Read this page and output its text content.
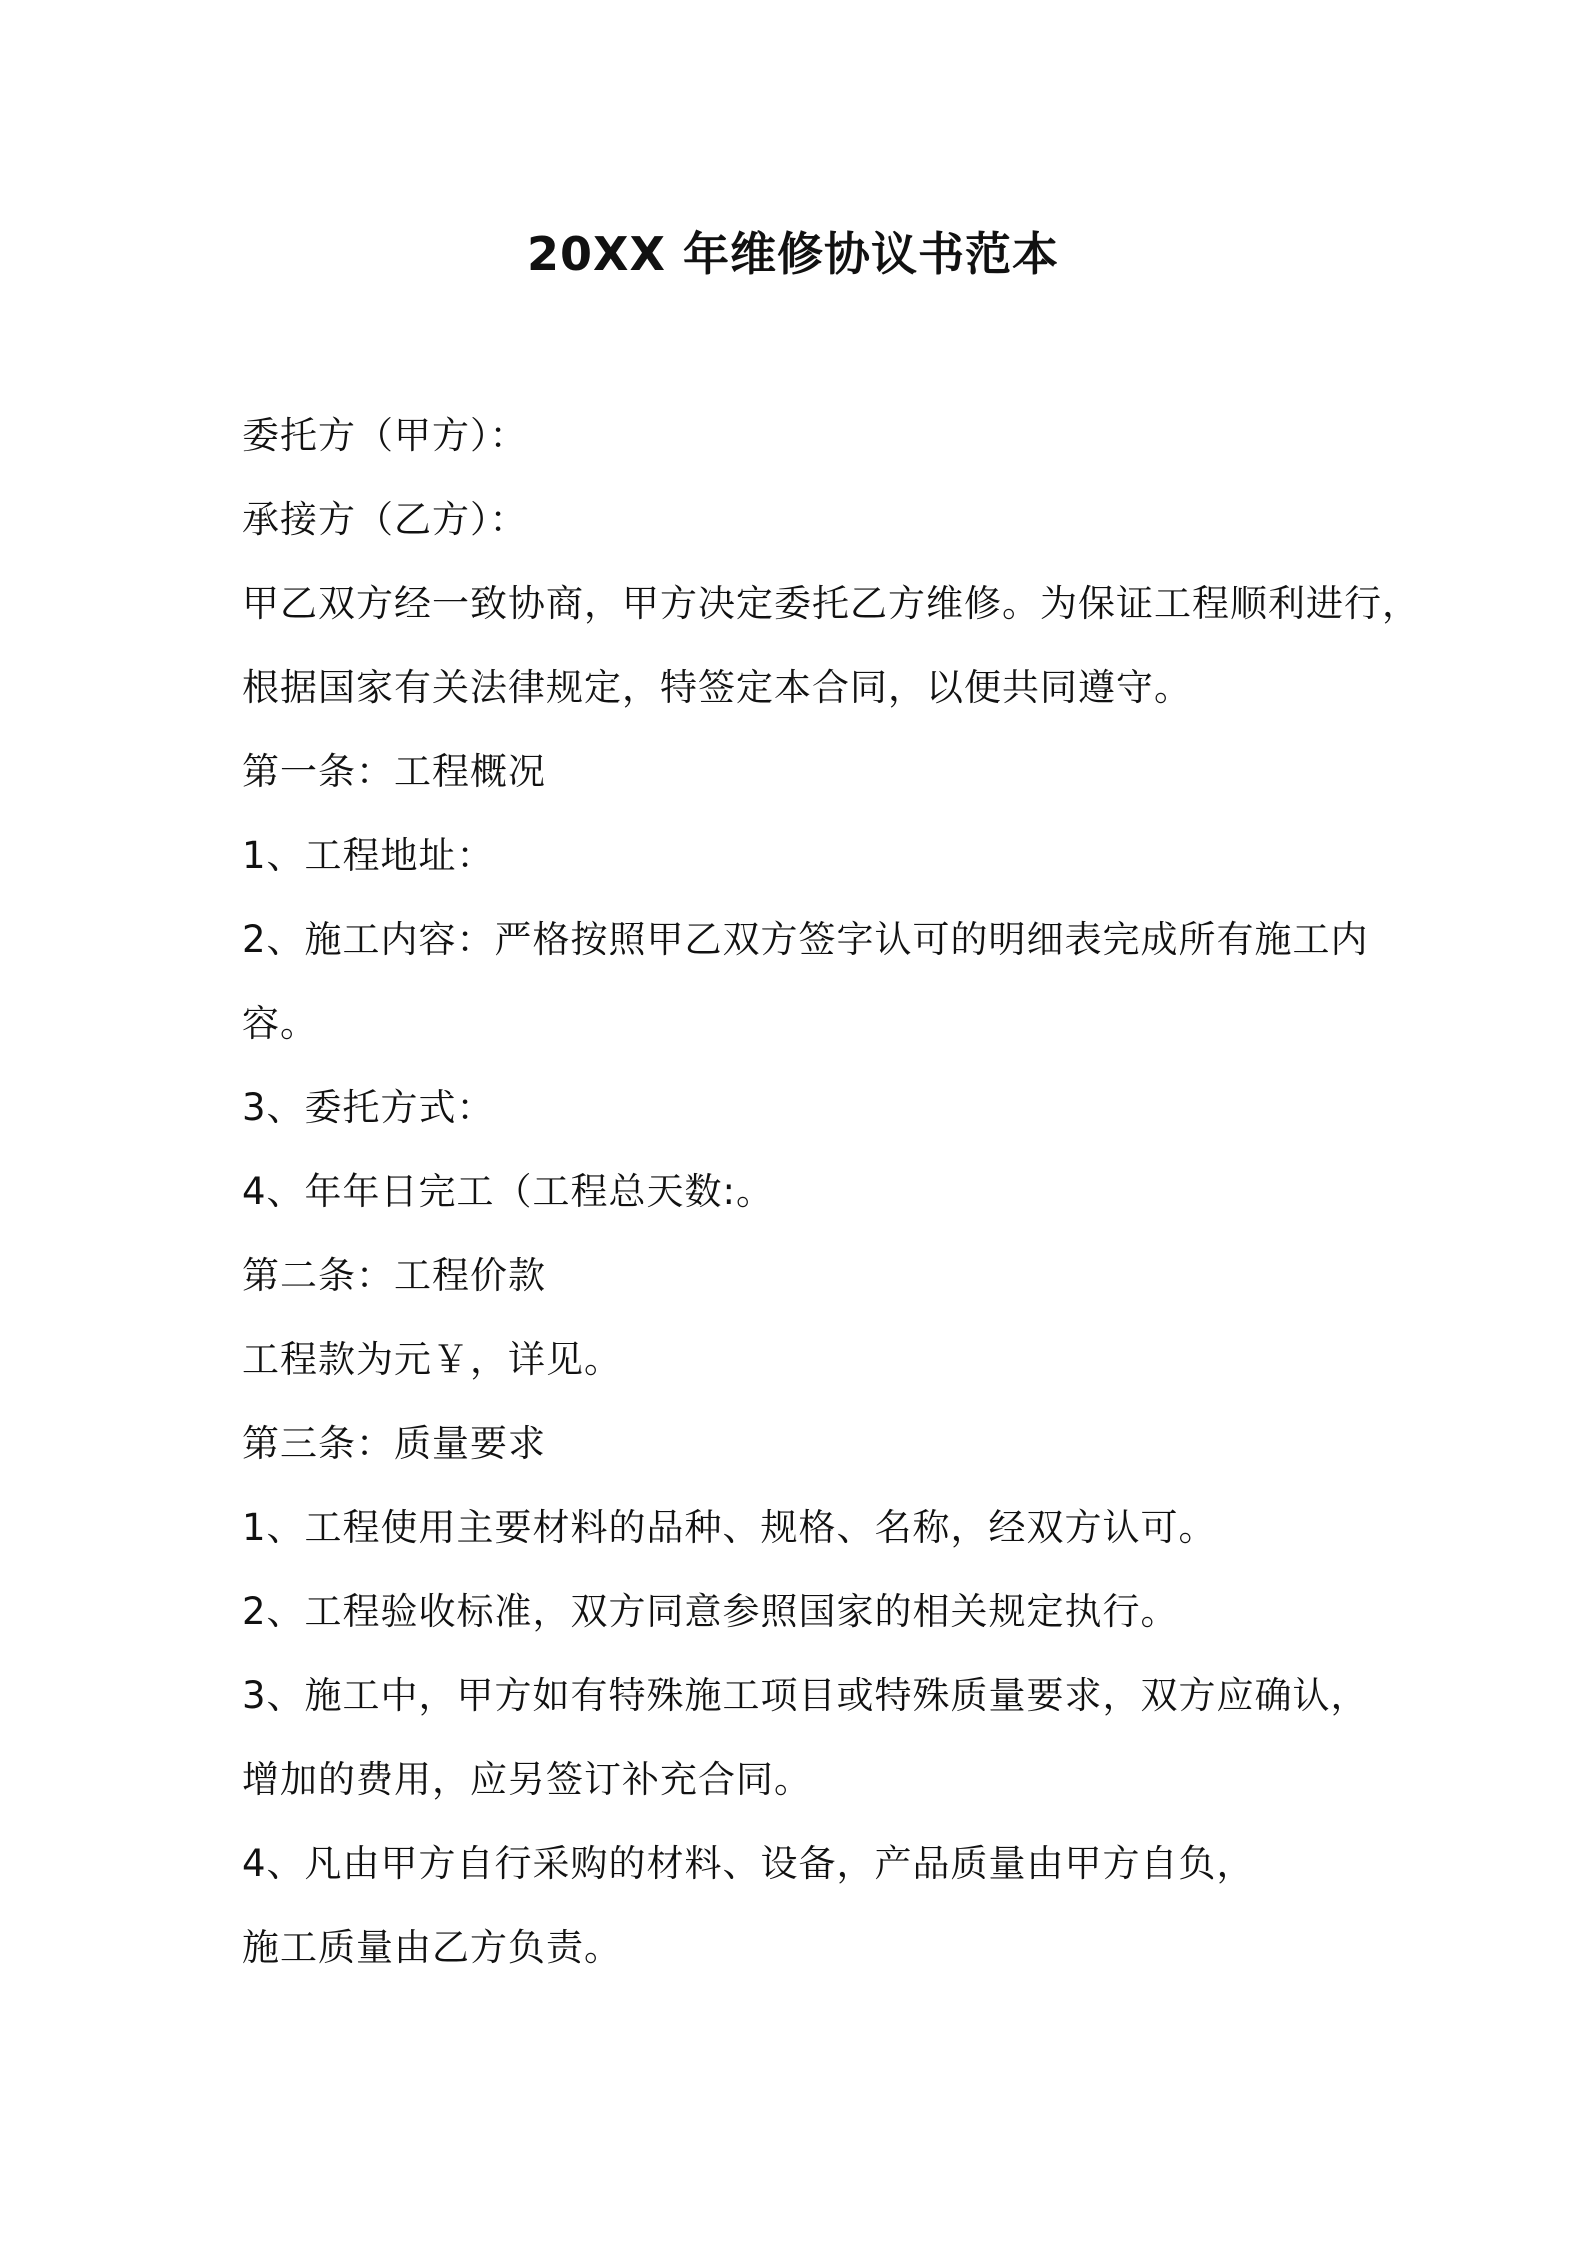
20XX 年维修协议书范本
委托方（甲方）：
承接方（乙方）：
甲乙双方经一致协商，甲方决定委托乙方维修。为保证工程顺利进行，
根据国家有关法律规定，特签定本合同，以便共同遵守。
第一条：工程概况
1、工程地址：
2、施工内容：严格按照甲乙双方签字认可的明细表完成所有施工内
容。
3、委托方式：
4、年年日完工（工程总天数:。
第二条：工程价款
工程款为元￥，详见。
第三条：质量要求
1、工程使用主要材料的品种、规格、名称，经双方认可。
2、工程验收标准，双方同意参照国家的相关规定执行。
3、施工中，甲方如有特殊施工项目或特殊质量要求，双方应确认，
增加的费用，应另签订补充合同。
4、凡由甲方自行采购的材料、设备，产品质量由甲方自负，
施工质量由乙方负责。
